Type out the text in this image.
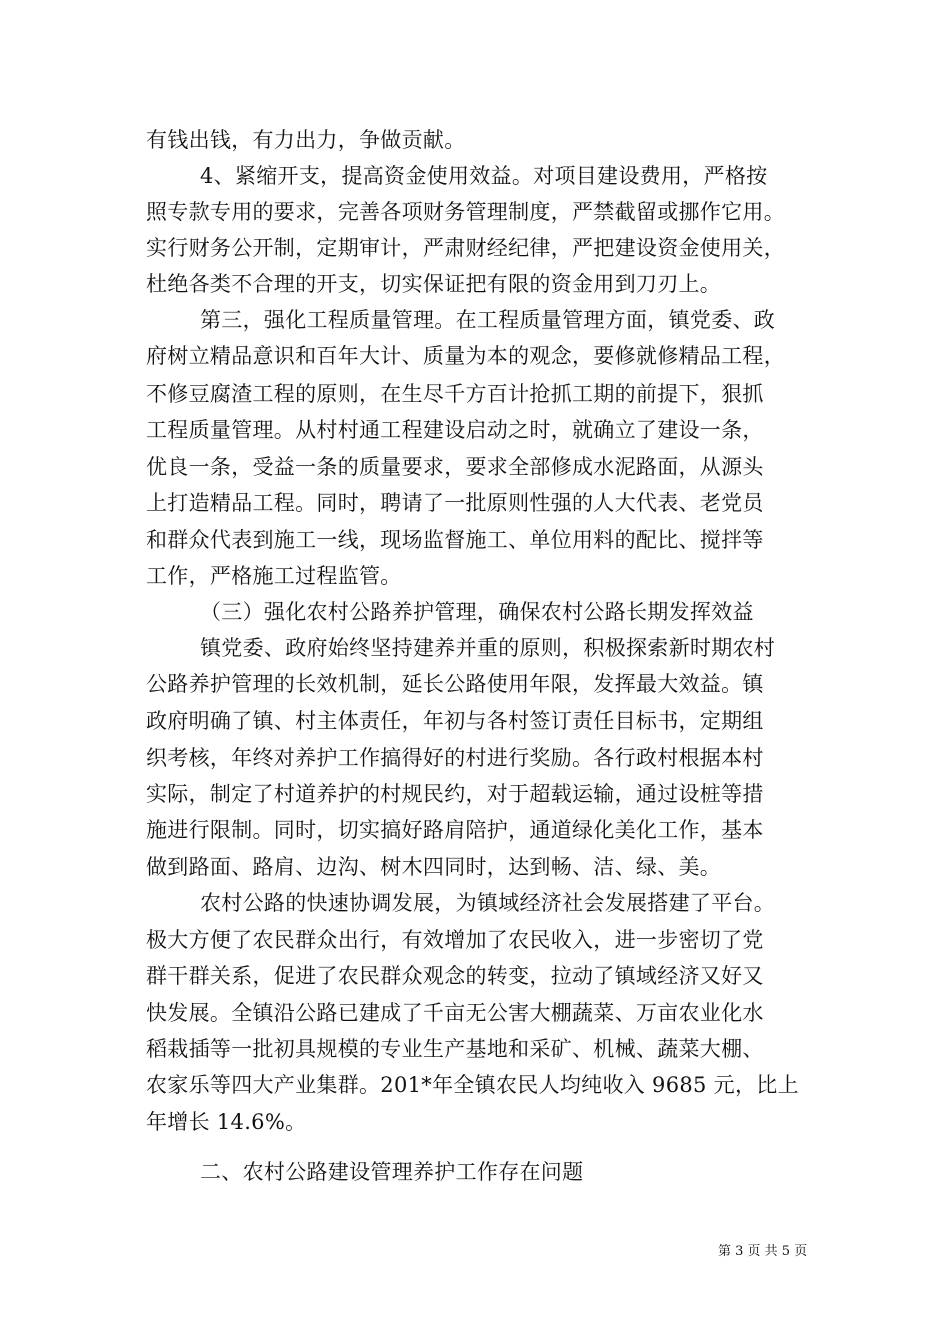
有钱出钱，有力出力，争做贡献。
4、紧缩开支，提高资金使用效益。对项目建设费用，严格按
照专款专用的要求，完善各项财务管理制度，严禁截留或挪作它用。
实行财务公开制，定期审计，严肃财经纪律，严把建设资金使用关，
杜绝各类不合理的开支，切实保证把有限的资金用到刀刃上。
第三，强化工程质量管理。在工程质量管理方面，镇党委、政
府树立精品意识和百年大计、质量为本的观念，要修就修精品工程，
不修豆腐渣工程的原则，在生尽千方百计抢抓工期的前提下，狠抓
工程质量管理。从村村通工程建设启动之时，就确立了建设一条，
优良一条，受益一条的质量要求，要求全部修成水泥路面，从源头
上打造精品工程。同时，聘请了一批原则性强的人大代表、老党员
和群众代表到施工一线，现场监督施工、单位用料的配比、搅拌等
工作，严格施工过程监管。
（三）强化农村公路养护管理，确保农村公路长期发挥效益
镇党委、政府始终坚持建养并重的原则，积极探索新时期农村
公路养护管理的长效机制，延长公路使用年限，发挥最大效益。镇
政府明确了镇、村主体责任，年初与各村签订责任目标书，定期组
织考核，年终对养护工作搞得好的村进行奖励。各行政村根据本村
实际，制定了村道养护的村规民约，对于超载运输，通过设桩等措
施进行限制。同时，切实搞好路肩陪护，通道绿化美化工作，基本
做到路面、路肩、边沟、树木四同时，达到畅、洁、绿、美。
农村公路的快速协调发展，为镇域经济社会发展搭建了平台。
极大方便了农民群众出行，有效增加了农民收入，进一步密切了党
群干群关系，促进了农民群众观念的转变，拉动了镇域经济又好又
快发展。全镇沿公路已建成了千亩无公害大棚蔬菜、万亩农业化水
稻栽插等一批初具规模的专业生产基地和采矿、机械、蔬菜大棚、
农家乐等四大产业集群。201*年全镇农民人均纯收入 9685 元，比上
年增长 14.6%。
二、农村公路建设管理养护工作存在问题
第 3 页 共 5 页
